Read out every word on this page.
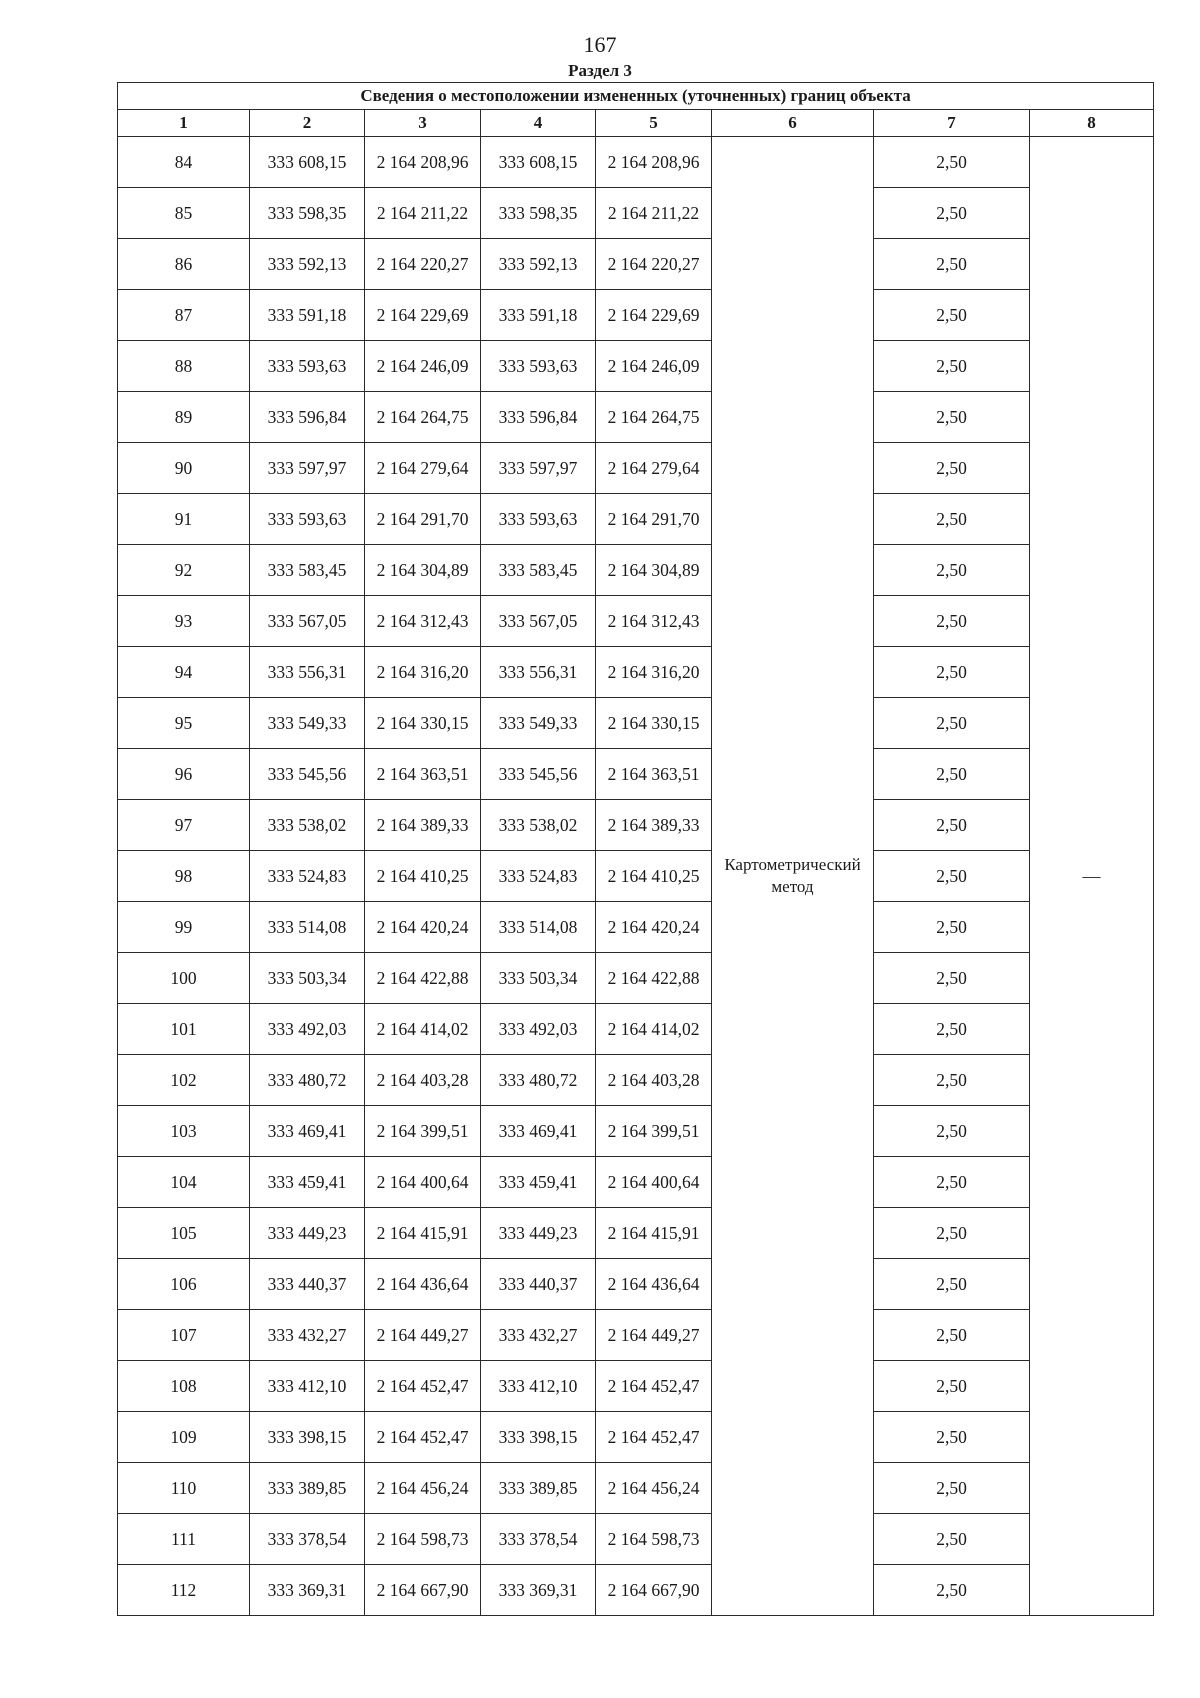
167
Раздел 3
Сведения о местоположении измененных (уточненных) границ объекта							
1	2	3	4	5	6	7	8
84	333 608,15	2 164 208,96	333 608,15	2 164 208,96	Картометрический метод	2,50	—
85	333 598,35	2 164 211,22	333 598,35	2 164 211,22		2,50	
86	333 592,13	2 164 220,27	333 592,13	2 164 220,27		2,50	
87	333 591,18	2 164 229,69	333 591,18	2 164 229,69		2,50	
88	333 593,63	2 164 246,09	333 593,63	2 164 246,09		2,50	
89	333 596,84	2 164 264,75	333 596,84	2 164 264,75		2,50	
90	333 597,97	2 164 279,64	333 597,97	2 164 279,64		2,50	
91	333 593,63	2 164 291,70	333 593,63	2 164 291,70		2,50	
92	333 583,45	2 164 304,89	333 583,45	2 164 304,89		2,50	
93	333 567,05	2 164 312,43	333 567,05	2 164 312,43		2,50	
94	333 556,31	2 164 316,20	333 556,31	2 164 316,20		2,50	
95	333 549,33	2 164 330,15	333 549,33	2 164 330,15		2,50	
96	333 545,56	2 164 363,51	333 545,56	2 164 363,51		2,50	
97	333 538,02	2 164 389,33	333 538,02	2 164 389,33		2,50	
98	333 524,83	2 164 410,25	333 524,83	2 164 410,25		2,50	
99	333 514,08	2 164 420,24	333 514,08	2 164 420,24		2,50	
100	333 503,34	2 164 422,88	333 503,34	2 164 422,88		2,50	
101	333 492,03	2 164 414,02	333 492,03	2 164 414,02		2,50	
102	333 480,72	2 164 403,28	333 480,72	2 164 403,28		2,50	
103	333 469,41	2 164 399,51	333 469,41	2 164 399,51		2,50	
104	333 459,41	2 164 400,64	333 459,41	2 164 400,64		2,50	
105	333 449,23	2 164 415,91	333 449,23	2 164 415,91		2,50	
106	333 440,37	2 164 436,64	333 440,37	2 164 436,64		2,50	
107	333 432,27	2 164 449,27	333 432,27	2 164 449,27		2,50	
108	333 412,10	2 164 452,47	333 412,10	2 164 452,47		2,50	
109	333 398,15	2 164 452,47	333 398,15	2 164 452,47		2,50	
110	333 389,85	2 164 456,24	333 389,85	2 164 456,24		2,50	
111	333 378,54	2 164 598,73	333 378,54	2 164 598,73		2,50	
112	333 369,31	2 164 667,90	333 369,31	2 164 667,90		2,50	
